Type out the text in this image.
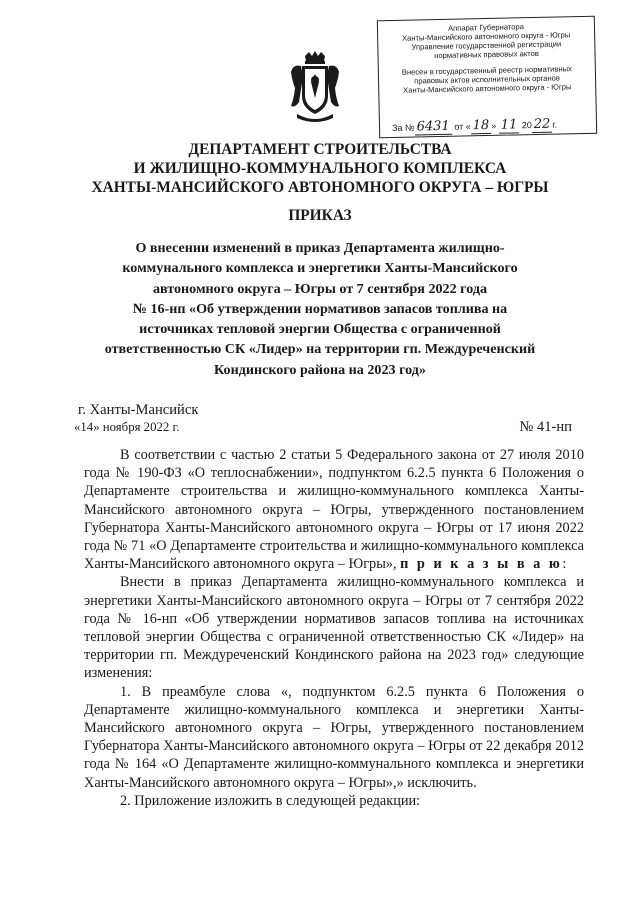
Аппарат Губернатора
Ханты-Мансийского автономного округа - Югры
Управление государственной регистрации
нормативных правовых актов
Внесен в государственный реестр нормативных
правовых актов исполнительных органов
Ханты-Мансийского автономного округа - Югры
За № 6431 от « 18 » 11 20 22 г.
ДЕПАРТАМЕНТ СТРОИТЕЛЬСТВА
И ЖИЛИЩНО-КОММУНАЛЬНОГО КОМПЛЕКСА
ХАНТЫ-МАНСИЙСКОГО АВТОНОМНОГО ОКРУГА – ЮГРЫ
ПРИКАЗ
О внесении изменений в приказ Департамента жилищно-
коммунального комплекса и энергетики Ханты-Мансийского
автономного округа – Югры от 7 сентября 2022 года
№ 16-нп «Об утверждении нормативов запасов топлива на
источниках тепловой энергии Общества с ограниченной
ответственностью СК «Лидер» на территории гп. Междуреченский
Кондинского района на 2023 год»
г. Ханты-Мансийск
«14» ноября 2022 г.	№ 41-нп

В соответствии с частью 2 статьи 5 Федерального закона от 27 июля 2010 года № 190-ФЗ «О теплоснабжении», подпунктом 6.2.5 пункта 6 Положения о Департаменте строительства и жилищно-коммунального комплекса Ханты-Мансийского автономного округа – Югры, утвержденного постановлением Губернатора Ханты-Мансийского автономного округа – Югры от 17 июня 2022 года № 71 «О Департаменте строительства и жилищно-коммунального комплекса Ханты-Мансийского автономного округа – Югры», п р и к а з ы в а ю:

Внести в приказ Департамента жилищно-коммунального комплекса и энергетики Ханты-Мансийского автономного округа – Югры от 7 сентября 2022 года № 16-нп «Об утверждении нормативов запасов топлива на источниках тепловой энергии Общества с ограниченной ответственностью СК «Лидер» на территории гп. Междуреченский Кондинского района на 2023 год» следующие изменения:

1. В преамбуле слова «, подпунктом 6.2.5 пункта 6 Положения о Департаменте жилищно-коммунального комплекса и энергетики Ханты-Мансийского автономного округа – Югры, утвержденного постановлением Губернатора Ханты-Мансийского автономного округа – Югры от 22 декабря 2012 года № 164 «О Департаменте жилищно-коммунального комплекса и энергетики Ханты-Мансийского автономного округа – Югры»,» исключить.

2. Приложение изложить в следующей редакции:
